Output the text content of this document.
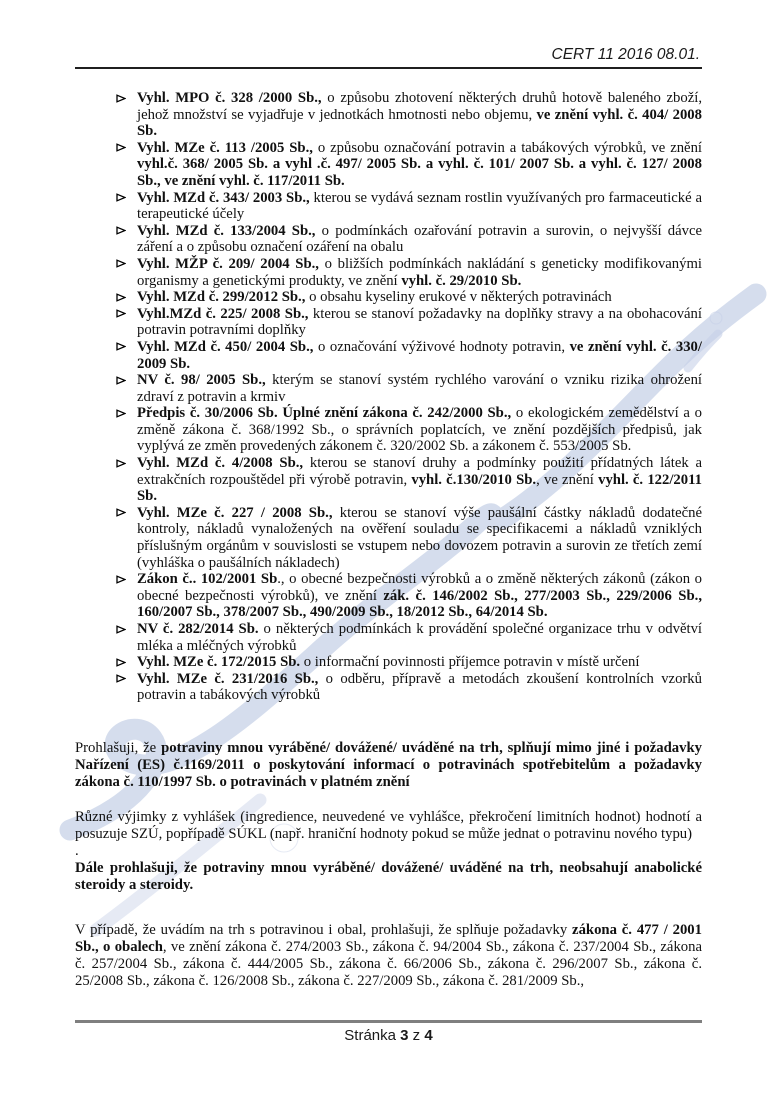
CERT 11 2016 08.01.
Vyhl. MPO č. 328 /2000 Sb., o způsobu zhotovení některých druhů hotově baleného zboží, jehož množství se vyjadřuje v jednotkách hmotnosti nebo objemu, ve znění vyhl. č. 404/ 2008 Sb.
Vyhl. MZe č. 113 /2005 Sb., o způsobu označování potravin a tabákových výrobků, ve znění vyhl.č. 368/ 2005 Sb. a vyhl .č. 497/ 2005 Sb. a vyhl. č. 101/ 2007 Sb. a vyhl. č. 127/ 2008 Sb., ve znění vyhl. č. 117/2011 Sb.
Vyhl. MZd č. 343/ 2003 Sb., kterou se vydává seznam rostlin využívaných pro farmaceutické a terapeutické účely
Vyhl. MZd č. 133/2004 Sb., o podmínkách ozařování potravin a surovin, o nejvyšší dávce záření a o způsobu označení ozáření na obalu
Vyhl. MŽP č. 209/ 2004 Sb., o bližších podmínkách nakládání s geneticky modifikovanými organismy a genetickými produkty, ve znění vyhl. č. 29/2010 Sb.
Vyhl. MZd č. 299/2012 Sb., o obsahu kyseliny erukové v některých potravinách
Vyhl.MZd č. 225/ 2008 Sb., kterou se stanoví požadavky na doplňky stravy a na obohacování potravin potravními doplňky
Vyhl. MZd č. 450/ 2004 Sb., o označování výživové hodnoty potravin, ve znění vyhl. č. 330/ 2009 Sb.
NV č. 98/ 2005 Sb., kterým se stanoví systém rychlého varování o vzniku rizika ohrožení zdraví z potravin a krmiv
Předpis č. 30/2006 Sb. Úplné znění zákona č. 242/2000 Sb., o ekologickém zemědělství a o změně zákona č. 368/1992 Sb., o správních poplatcích, ve znění pozdějších předpisů, jak vyplývá ze změn provedených zákonem č. 320/2002 Sb. a zákonem č. 553/2005 Sb.
Vyhl. MZd č. 4/2008 Sb., kterou se stanoví druhy a podmínky použití přídatných látek a extrakčních rozpouštědel při výrobě potravin, vyhl. č.130/2010 Sb., ve znění vyhl. č. 122/2011 Sb.
Vyhl. MZe č. 227 / 2008 Sb., kterou se stanoví výše paušální částky nákladů dodatečné kontroly, nákladů vynaložených na ověření souladu se specifikacemi a nákladů vzniklých příslušným orgánům v souvislosti se vstupem nebo dovozem potravin a surovin ze třetích zemí (vyhláška o paušálních nákladech)
Zákon č.. 102/2001 Sb., o obecné bezpečnosti výrobků a o změně některých zákonů (zákon o obecné bezpečnosti výrobků), ve znění zák. č. 146/2002 Sb., 277/2003 Sb., 229/2006 Sb., 160/2007 Sb., 378/2007 Sb., 490/2009 Sb., 18/2012 Sb., 64/2014 Sb.
NV č. 282/2014 Sb. o některých podmínkách k provádění společné organizace trhu v odvětví mléka a mléčných výrobků
Vyhl. MZe č. 172/2015 Sb. o informační povinnosti příjemce potravin v místě určení
Vyhl. MZe č. 231/2016 Sb., o odběru, přípravě a metodách zkoušení kontrolních vzorků potravin a tabákových výrobků

Prohlašuji, že potraviny mnou vyráběné/ dovážené/ uváděné na trh, splňují mimo jiné i požadavky Nařízení (ES) č.1169/2011 o poskytování informací o potravinách spotřebitelům a požadavky zákona č. 110/1997 Sb. o potravinách v platném znění

Různé výjimky z vyhlášek (ingredience, neuvedené ve vyhlášce, překročení limitních hodnot) hodnotí a posuzuje SZÚ, popřípadě SÚKL (např. hraniční hodnoty pokud se může jednat o potravinu nového typu)

.

Dále prohlašuji, že potraviny mnou vyráběné/ dovážené/ uváděné na trh, neobsahují anabolické steroidy a steroidy.

V případě, že uvádím na trh s potravinou i obal, prohlašuji, že splňuje požadavky zákona č. 477 / 2001 Sb., o obalech, ve znění zákona č. 274/2003 Sb., zákona č. 94/2004 Sb., zákona č. 237/2004 Sb., zákona č. 257/2004 Sb., zákona č. 444/2005 Sb., zákona č. 66/2006 Sb., zákona č. 296/2007 Sb., zákona č. 25/2008 Sb., zákona č. 126/2008 Sb., zákona č. 227/2009 Sb., zákona č. 281/2009 Sb.,

Stránka 3 z 4
